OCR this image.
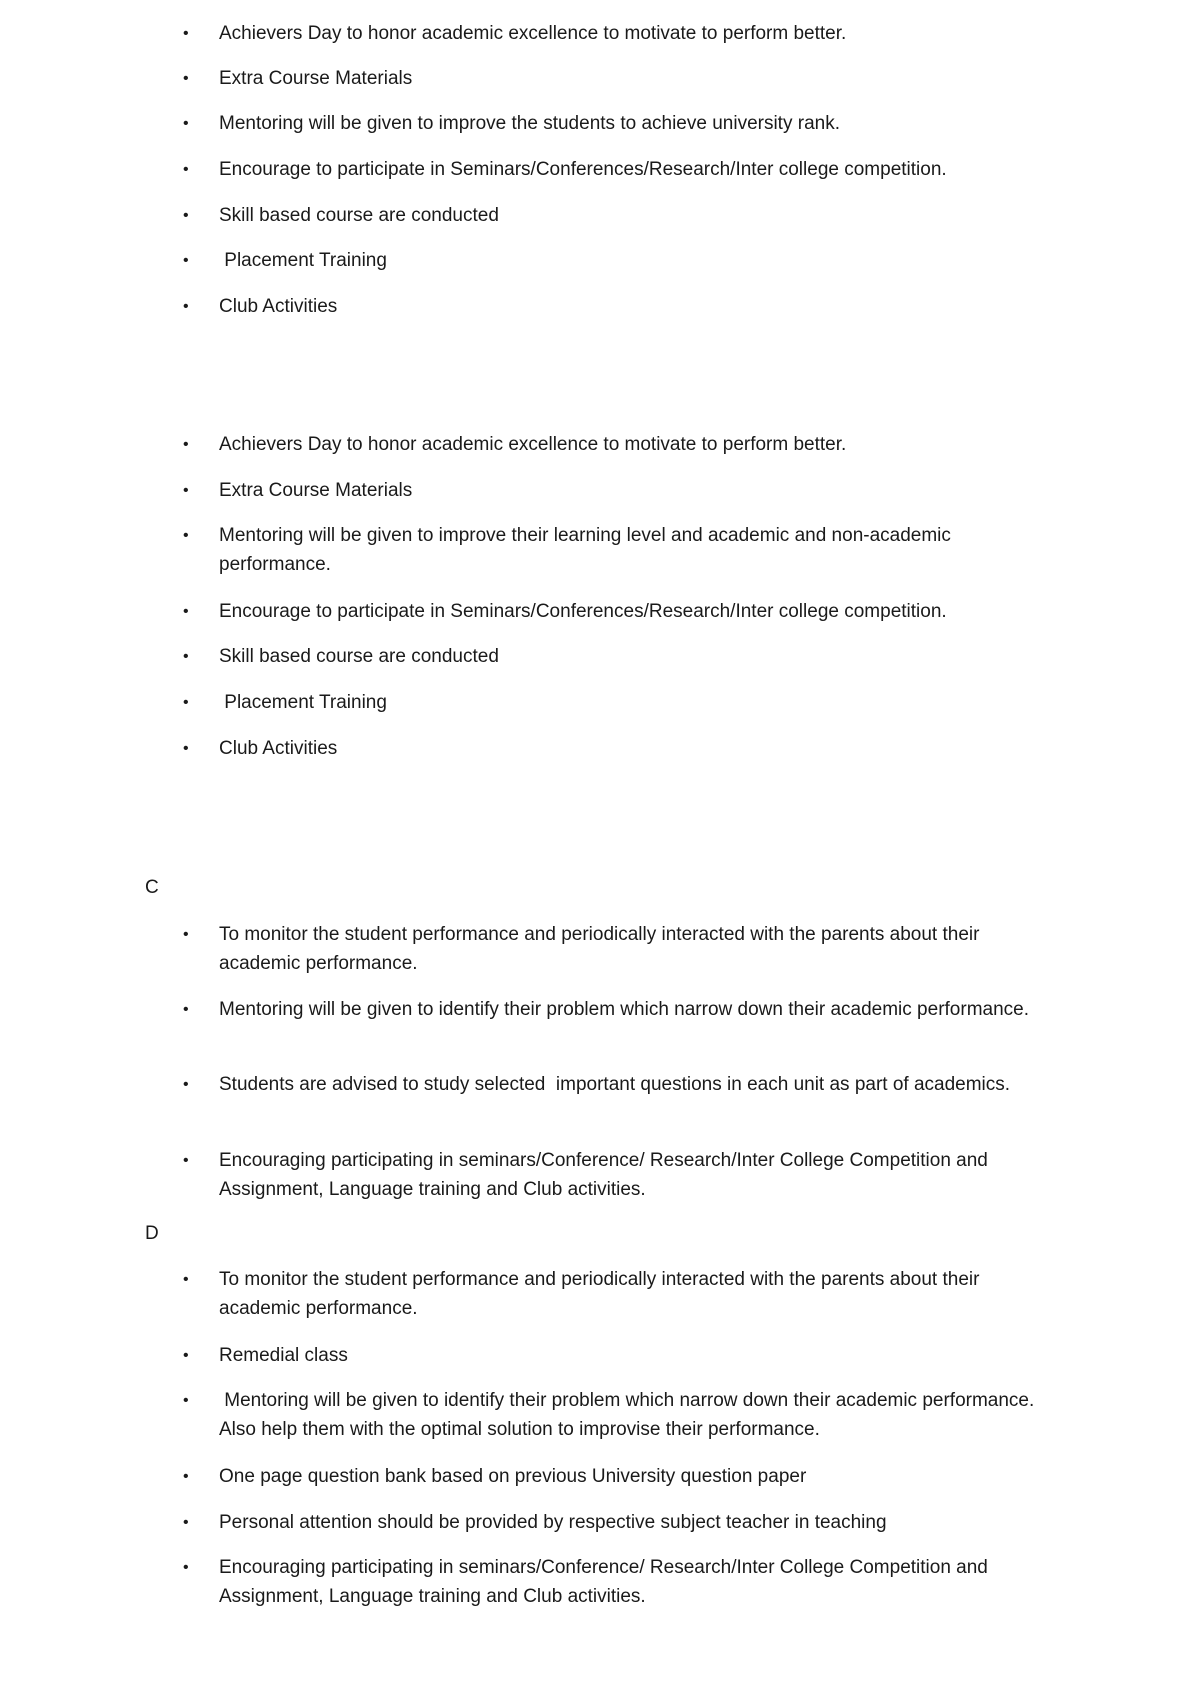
• Achievers Day to honor academic excellence to motivate to perform better.
• Extra Course Materials
• Mentoring will be given to improve the students to achieve university rank.
• Encourage to participate in Seminars/Conferences/Research/Inter college competition.
• Skill based course are conducted
• Placement Training
• Club Activities
• Achievers Day to honor academic excellence to motivate to perform better.
• Extra Course Materials
• Mentoring will be given to improve their learning level and academic and non-academic performance.
• Encourage to participate in Seminars/Conferences/Research/Inter college competition.
• Skill based course are conducted
• Placement Training
• Club Activities
C
• To monitor the student performance and periodically interacted with the parents about their academic performance.
• Mentoring will be given to identify their problem which narrow down their academic performance.
• Students are advised to study selected  important questions in each unit as part of academics.
• Encouraging participating in seminars/Conference/ Research/Inter College Competition and Assignment, Language training and Club activities.
D
• To monitor the student performance and periodically interacted with the parents about their academic performance.
• Remedial class
• Mentoring will be given to identify their problem which narrow down their academic performance. Also help them with the optimal solution to improvise their performance.
• One page question bank based on previous University question paper
• Personal attention should be provided by respective subject teacher in teaching
• Encouraging participating in seminars/Conference/ Research/Inter College Competition and Assignment, Language training and Club activities.
